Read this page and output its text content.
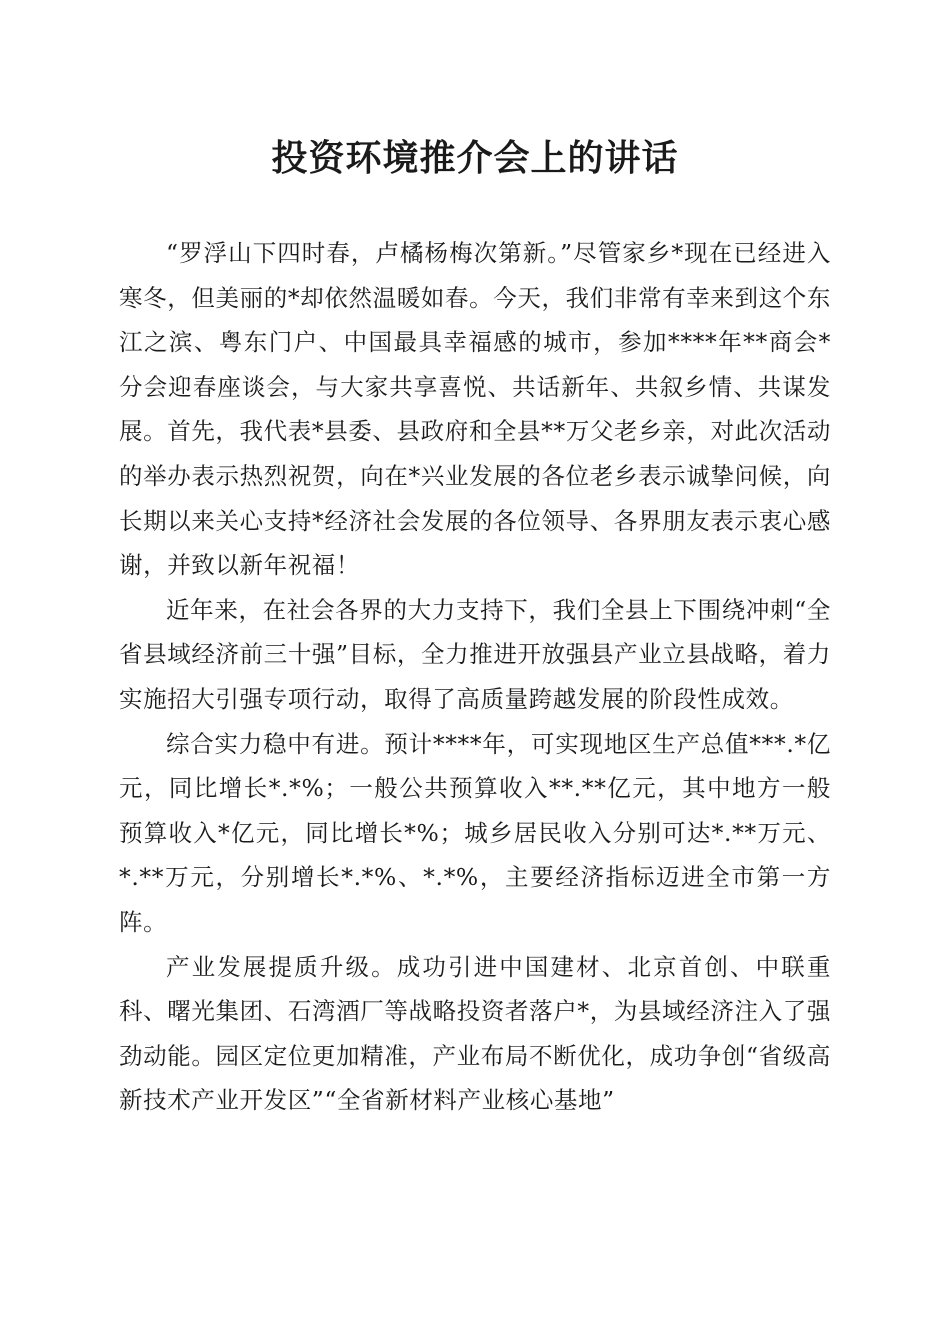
投资环境推介会上的讲话

“罗浮山下四时春，卢橘杨梅次第新。”尽管家乡*现在已经进入寒冬，但美丽的*却依然温暖如春。今天，我们非常有幸来到这个东江之滨、粤东门户、中国最具幸福感的城市，参加****年**商会*分会迎春座谈会，与大家共享喜悦、共话新年、共叙乡情、共谋发展。首先，我代表*县委、县政府和全县**万父老乡亲，对此次活动的举办表示热烈祝贺，向在*兴业发展的各位老乡表示诚挚问候，向长期以来关心支持*经济社会发展的各位领导、各界朋友表示衷心感谢，并致以新年祝福！

近年来，在社会各界的大力支持下，我们全县上下围绕冲刺“全省县域经济前三十强”目标，全力推进开放强县产业立县战略，着力实施招大引强专项行动，取得了高质量跨越发展的阶段性成效。

综合实力稳中有进。预计****年，可实现地区生产总值***.*亿元，同比增长*.*%；一般公共预算收入**.**亿元，其中地方一般预算收入*亿元，同比增长*%；城乡居民收入分别可达*.**万元、*.**万元，分别增长*.*%、*.*%，主要经济指标迈进全市第一方阵。

产业发展提质升级。成功引进中国建材、北京首创、中联重科、曙光集团、石湾酒厂等战略投资者落户*，为县域经济注入了强劲动能。园区定位更加精准，产业布局不断优化，成功争创“省级高新技术产业开发区”“全省新材料产业核心基地”
